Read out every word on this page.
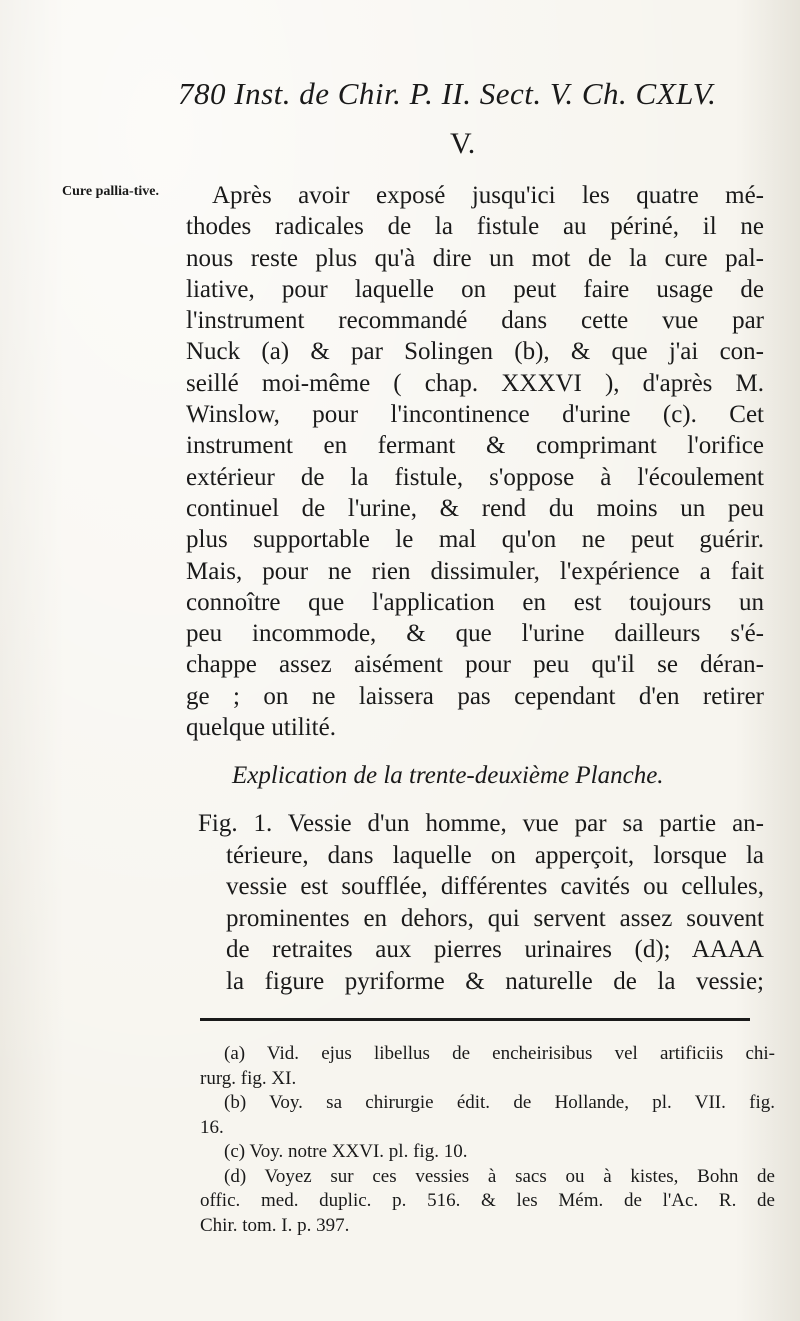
780 Inst. de Chir. P. II. Sect. V. Ch. CXLV.
V.
Cure pallia-tive.	Après avoir exposé jusqu'ici les quatre mé-
thodes radicales de la fistule au périné, il ne
nous reste plus qu'à dire un mot de la cure pal-
liative, pour laquelle on peut faire usage de
l'instrument recommandé dans cette vue par
Nuck (a) & par Solingen (b), & que j'ai con-
seillé moi-même ( chap. XXXVI ), d'après M.
Winslow, pour l'incontinence d'urine (c). Cet
instrument en fermant & comprimant l'orifice
extérieur de la fistule, s'oppose à l'écoulement
continuel de l'urine, & rend du moins un peu
plus supportable le mal qu'on ne peut guérir.
Mais, pour ne rien dissimuler, l'expérience a fait
connoître que l'application en est toujours un
peu incommode, & que l'urine dailleurs s'é-
chappe assez aisément pour peu qu'il se déran-
ge ; on ne laissera pas cependant d'en retirer
quelque utilité.
Explication de la trente-deuxième Planche.
Fig. 1. Vessie d'un homme, vue par sa partie an-
térieure, dans laquelle on apperçoit, lorsque la
vessie est soufflée, différentes cavités ou cellules,
prominentes en dehors, qui servent assez souvent
de retraites aux pierres urinaires (d); AAAA
la figure pyriforme & naturelle de la vessie;
(a) Vid. ejus libellus de encheirisibus vel artificiis chi-
rurg. fig. XI.
(b) Voy. sa chirurgie édit. de Hollande, pl. VII. fig.
16.
(c) Voy. notre XXVI. pl. fig. 10.
(d) Voyez sur ces vessies à sacs ou à kistes, Bohn de
offic. med. duplic. p. 516. & les Mém. de l'Ac. R. de
Chir. tom. I. p. 397.
